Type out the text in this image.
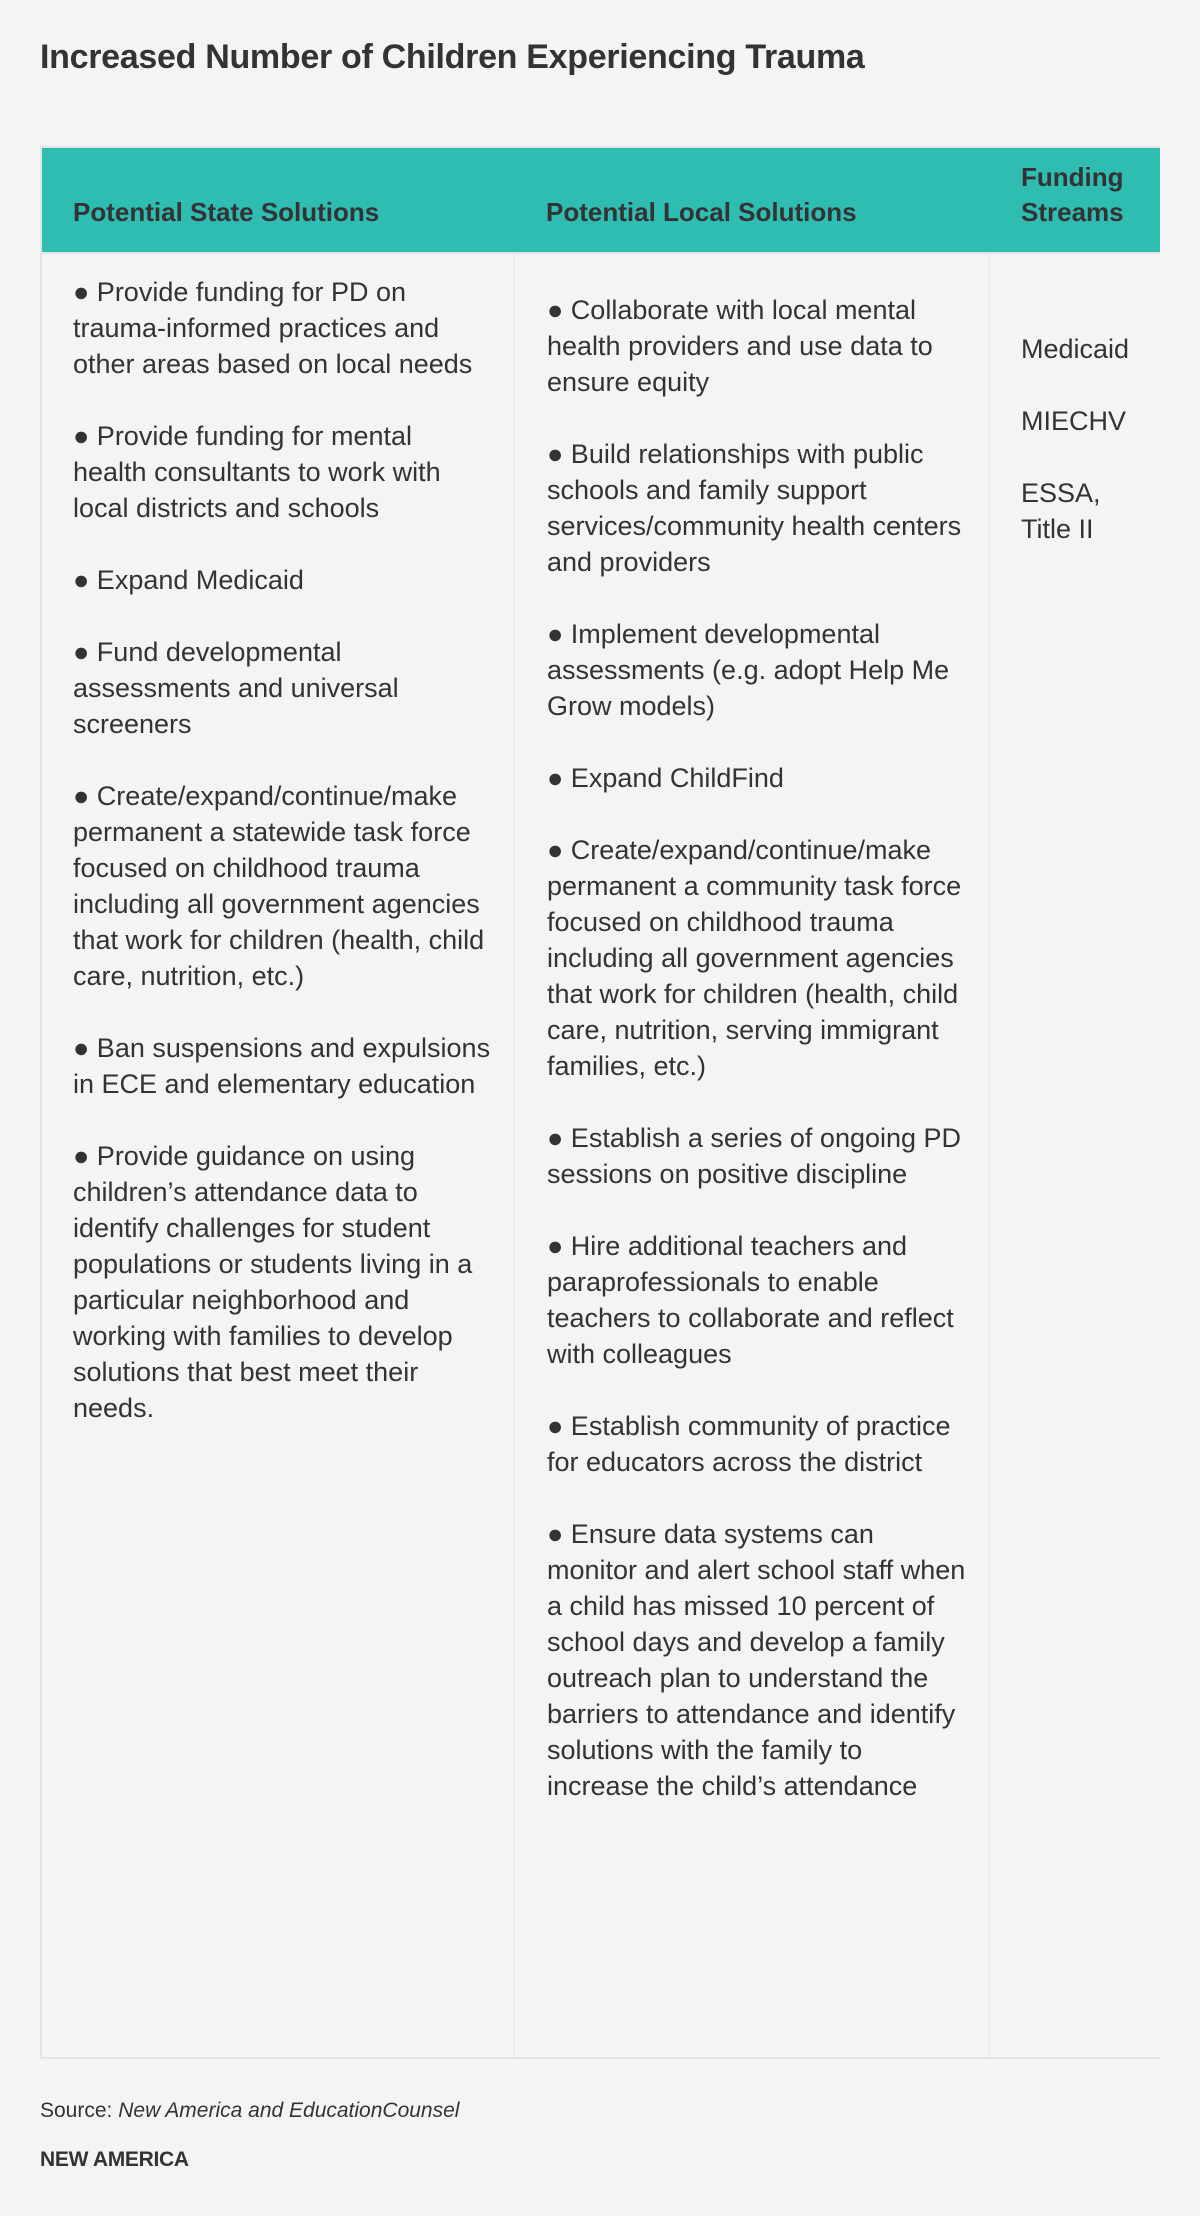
Increased Number of Children Experiencing Trauma
Potential State Solutions	Potential Local Solutions
Funding Streams

● Provide funding for PD on trauma-informed practices and other areas based on local needs

● Provide funding for mental health consultants to work with local districts and schools

● Expand Medicaid

● Fund developmental assessments and universal screeners

● Create/expand/continue/make permanent a statewide task force focused on childhood trauma including all government agencies that work for children (health, child care, nutrition, etc.)

● Ban suspensions and expulsions in ECE and elementary education

● Provide guidance on using children’s attendance data to identify challenges for student populations or students living in a particular neighborhood and working with families to develop solutions that best meet their needs.

● Collaborate with local mental health providers and use data to ensure equity

● Build relationships with public schools and family support services/community health centers and providers

● Implement developmental assessments (e.g. adopt Help Me Grow models)

● Expand ChildFind

● Create/expand/continue/make permanent a community task force focused on childhood trauma including all government agencies that work for children (health, child care, nutrition, serving immigrant families, etc.)

● Establish a series of ongoing PD sessions on positive discipline

● Hire additional teachers and paraprofessionals to enable teachers to collaborate and reflect with colleagues

● Establish community of practice for educators across the district

● Ensure data systems can monitor and alert school staff when a child has missed 10 percent of school days and develop a family outreach plan to understand the barriers to attendance and identify solutions with the family to increase the child’s attendance

Medicaid

MIECHV

ESSA, Title II

Source: New America and EducationCounsel
NEW AMERICA
